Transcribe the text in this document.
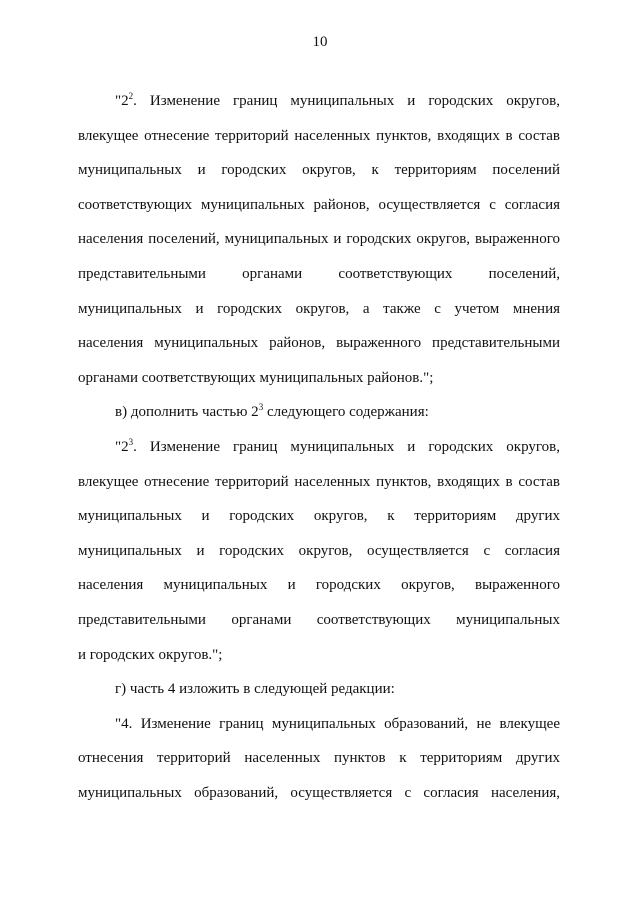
10
"$2^2$. Изменение границ муниципальных и городских округов,
влекущее отнесение территорий населенных пунктов, входящих в состав
муниципальных и городских округов, к территориям поселений
соответствующих муниципальных районов, осуществляется с согласия
населения поселений, муниципальных и городских округов, выраженного
представительными органами соответствующих поселений,
муниципальных и городских округов, а также с учетом мнения
населения муниципальных районов, выраженного представительными
органами соответствующих муниципальных районов.";
в) дополнить частью $2^3$ следующего содержания:
"$2^3$. Изменение границ муниципальных и городских округов,
влекущее отнесение территорий населенных пунктов, входящих в состав
муниципальных и городских округов, к территориям других
муниципальных и городских округов, осуществляется с согласия
населения муниципальных и городских округов, выраженного
представительными органами соответствующих муниципальных
и городских округов.";
г) часть 4 изложить в следующей редакции:
"4. Изменение границ муниципальных образований, не влекущее
отнесения территорий населенных пунктов к территориям других
муниципальных образований, осуществляется с согласия населения,
